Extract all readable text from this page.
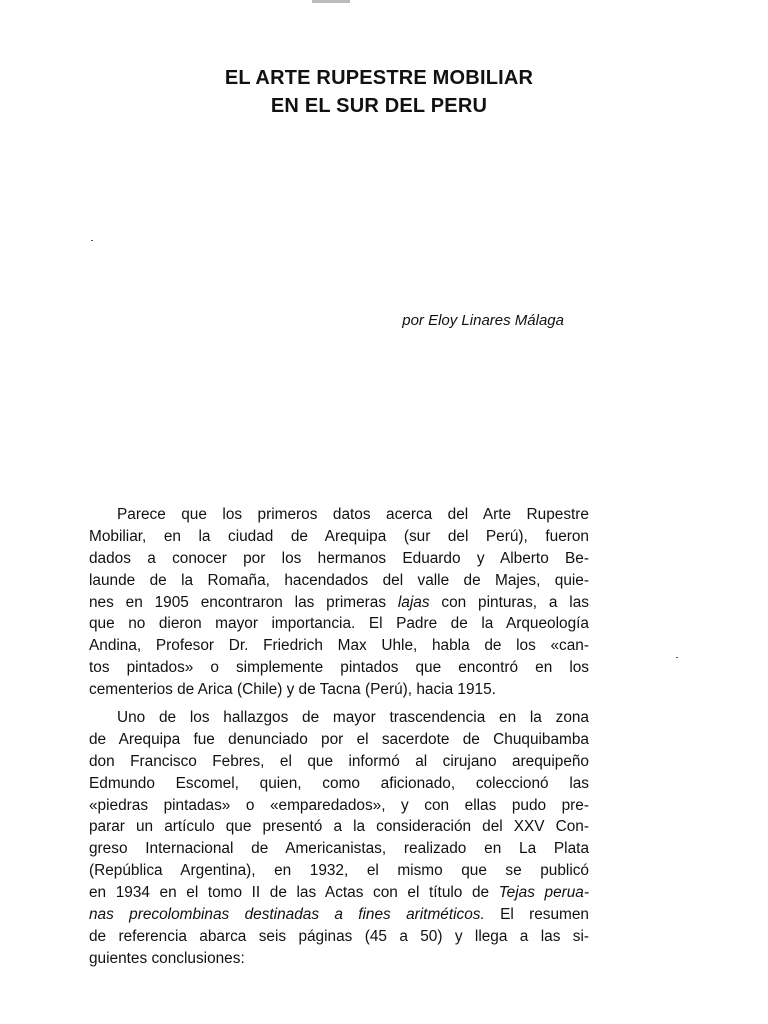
EL ARTE RUPESTRE MOBILIAR
EN EL SUR DEL PERU
por Eloy Linares Málaga
Parece que los primeros datos acerca del Arte Rupestre
Mobiliar, en la ciudad de Arequipa (sur del Perú), fueron
dados a conocer por los hermanos Eduardo y Alberto Be-
launde de la Romaña, hacendados del valle de Majes, quie-
nes en 1905 encontraron las primeras lajas con pinturas, a las
que no dieron mayor importancia. El Padre de la Arqueología
Andina, Profesor Dr. Friedrich Max Uhle, habla de los «can-
tos pintados» o simplemente pintados que encontró en los
cementerios de Arica (Chile) y de Tacna (Perú), hacia 1915.
Uno de los hallazgos de mayor trascendencia en la zona
de Arequipa fue denunciado por el sacerdote de Chuquibamba
don Francisco Febres, el que informó al cirujano arequipeño
Edmundo Escomel, quien, como aficionado, coleccionó las
«piedras pintadas» o «emparedados», y con ellas pudo pre-
parar un artículo que presentó a la consideración del XXV Con-
greso Internacional de Americanistas, realizado en La Plata
(República Argentina), en 1932, el mismo que se publicó
en 1934 en el tomo II de las Actas con el título de Tejas perua-
nas precolombinas destinadas a fines aritméticos. El resumen
de referencia abarca seis páginas (45 a 50) y llega a las si-
guientes conclusiones:
